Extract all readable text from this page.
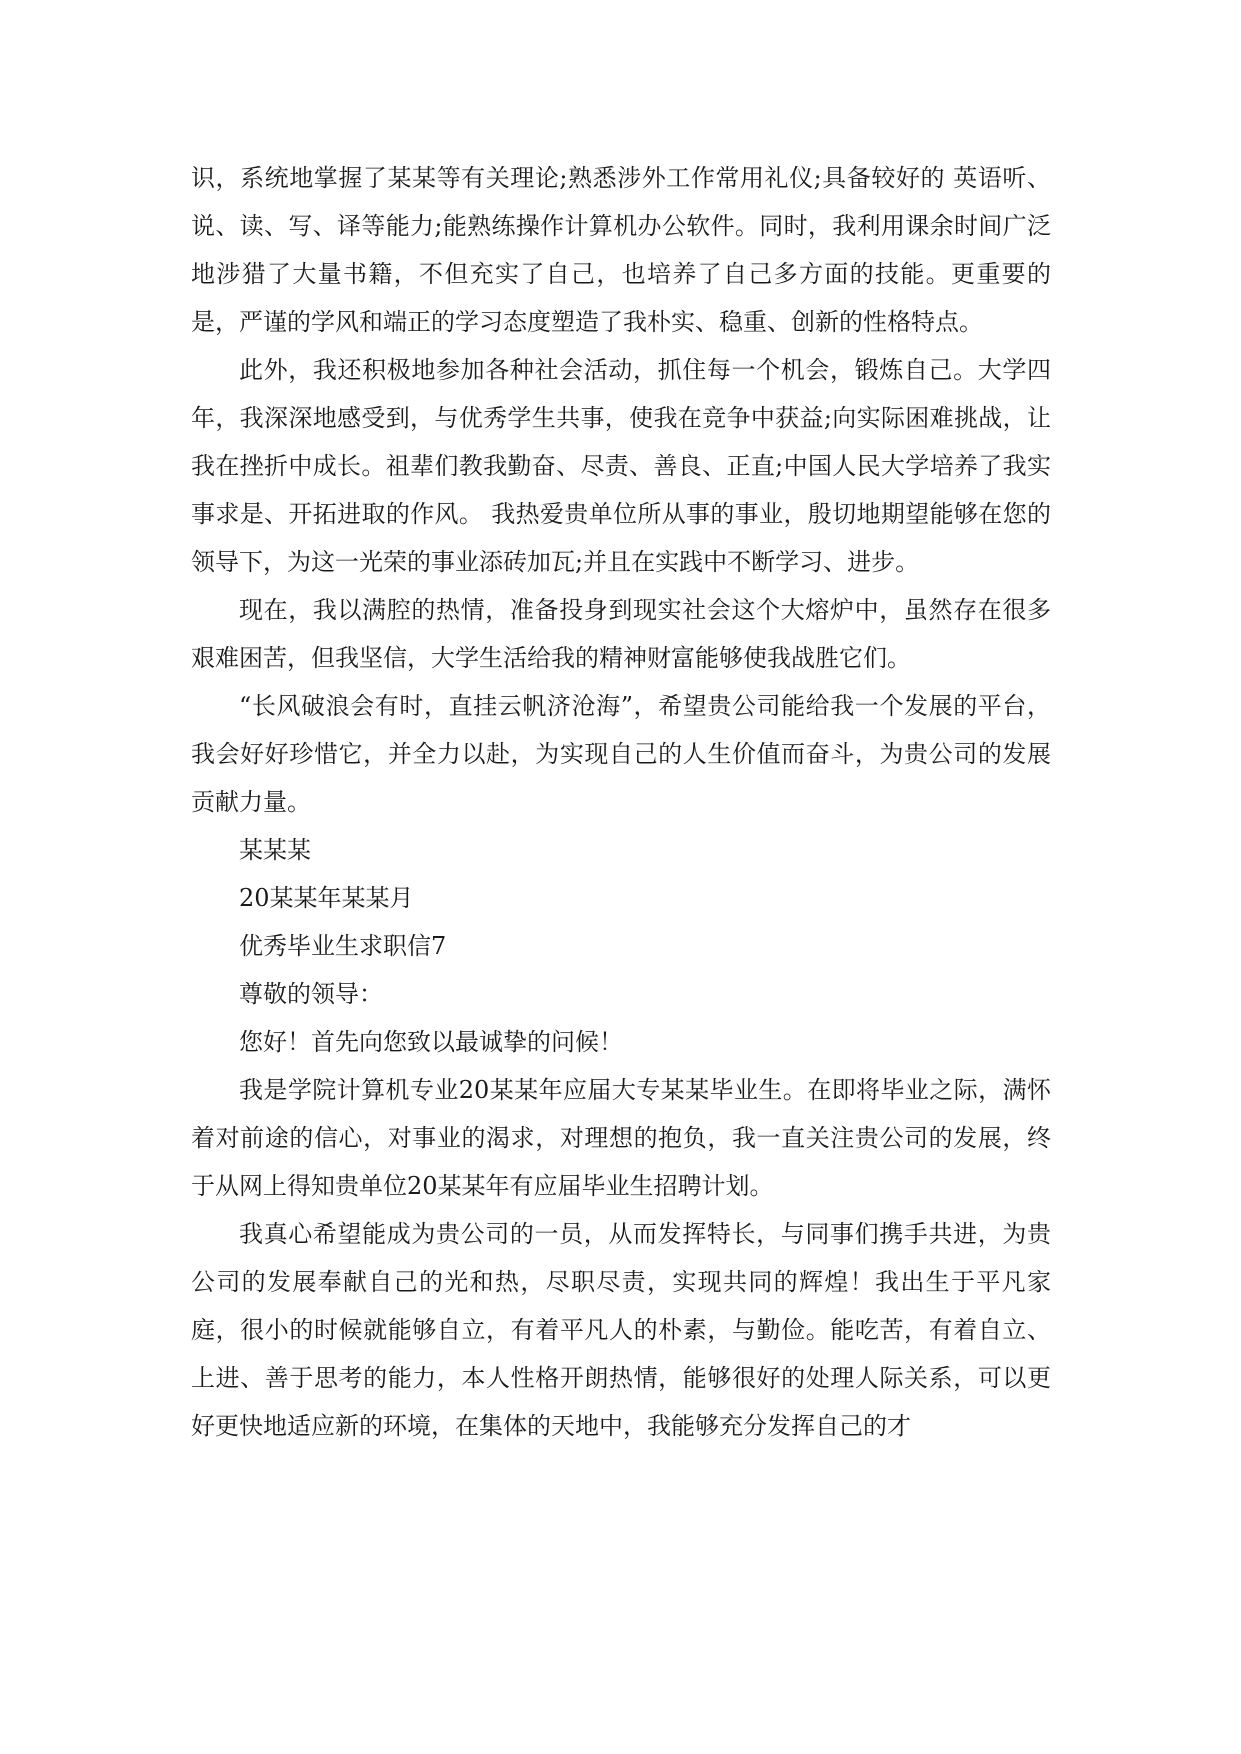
识，系统地掌握了某某等有关理论;熟悉涉外工作常用礼仪;具备较好的 英语听、说、读、写、译等能力;能熟练操作计算机办公软件。同时，我利用课余时间广泛地涉猎了大量书籍，不但充实了自己，也培养了自己多方面的技能。更重要的是，严谨的学风和端正的学习态度塑造了我朴实、稳重、创新的性格特点。

此外，我还积极地参加各种社会活动，抓住每一个机会，锻炼自己。大学四年，我深深地感受到，与优秀学生共事，使我在竞争中获益;向实际困难挑战，让我在挫折中成长。祖辈们教我勤奋、尽责、善良、正直;中国人民大学培养了我实事求是、开拓进取的作风。 我热爱贵单位所从事的事业，殷切地期望能够在您的领导下，为这一光荣的事业添砖加瓦;并且在实践中不断学习、进步。

现在，我以满腔的热情，准备投身到现实社会这个大熔炉中，虽然存在很多艰难困苦，但我坚信，大学生活给我的精神财富能够使我战胜它们。

“长风破浪会有时，直挂云帆济沧海”，希望贵公司能给我一个发展的平台，我会好好珍惜它，并全力以赴，为实现自己的人生价值而奋斗，为贵公司的发展贡献力量。

某某某

20某某年某某月

优秀毕业生求职信7

尊敬的领导：

您好！首先向您致以最诚挚的问候！

我是学院计算机专业20某某年应届大专某某毕业生。在即将毕业之际，满怀着对前途的信心，对事业的渴求，对理想的抱负，我一直关注贵公司的发展，终于从网上得知贵单位20某某年有应届毕业生招聘计划。

我真心希望能成为贵公司的一员，从而发挥特长，与同事们携手共进，为贵公司的发展奉献自己的光和热，尽职尽责，实现共同的辉煌！我出生于平凡家庭，很小的时候就能够自立，有着平凡人的朴素，与勤俭。能吃苦，有着自立、上进、善于思考的能力，本人性格开朗热情，能够很好的处理人际关系，可以更好更快地适应新的环境，在集体的天地中，我能够充分发挥自己的才
